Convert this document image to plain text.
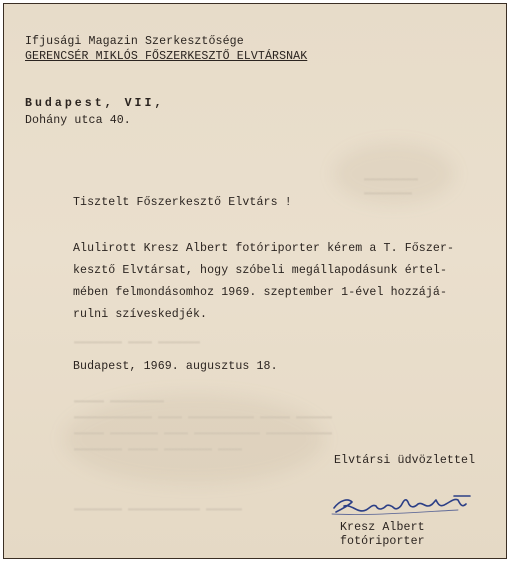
▬▬▬▬▬▬▬▬ ▬▬▬▬ ▬▬▬▬▬▬▬
▬▬▬▬▬ ▬▬▬▬▬▬▬▬▬
▬▬▬▬▬▬▬▬▬▬▬▬▬ ▬▬▬▬ ▬▬▬▬▬▬▬▬▬▬▬ ▬▬▬▬▬ ▬▬▬▬▬▬
▬▬▬▬▬ ▬▬▬▬▬▬▬▬ ▬▬▬▬ ▬▬▬▬▬▬▬▬▬▬▬ ▬▬▬▬▬▬▬▬▬▬▬
▬▬▬▬▬▬▬▬ ▬▬▬▬▬ ▬▬▬▬▬▬▬▬ ▬▬▬▬
▬▬▬▬▬▬▬▬ ▬▬▬▬▬▬▬▬▬▬▬▬ ▬▬▬▬▬▬
▬▬▬▬▬▬▬▬▬
▬▬▬▬▬▬▬▬
Ifjusági Magazin Szerkesztősége
GERENCSÉR MIKLÓS FŐSZERKESZTŐ ELVTÁRSNAK
Budapest, VII,
Dohány utca 40.
Tisztelt Főszerkesztő Elvtárs !
Alulirott Kresz Albert fotóriporter kérem a T. Főszer-
kesztő Elvtársat, hogy szóbeli megállapodásunk értel-
mében felmondásomhoz 1969. szeptember 1-ével hozzájá-
rulni szíveskedjék.
Budapest, 1969. augusztus 18.
Elvtársi üdvözlettel
Kresz Albert
fotóriporter
